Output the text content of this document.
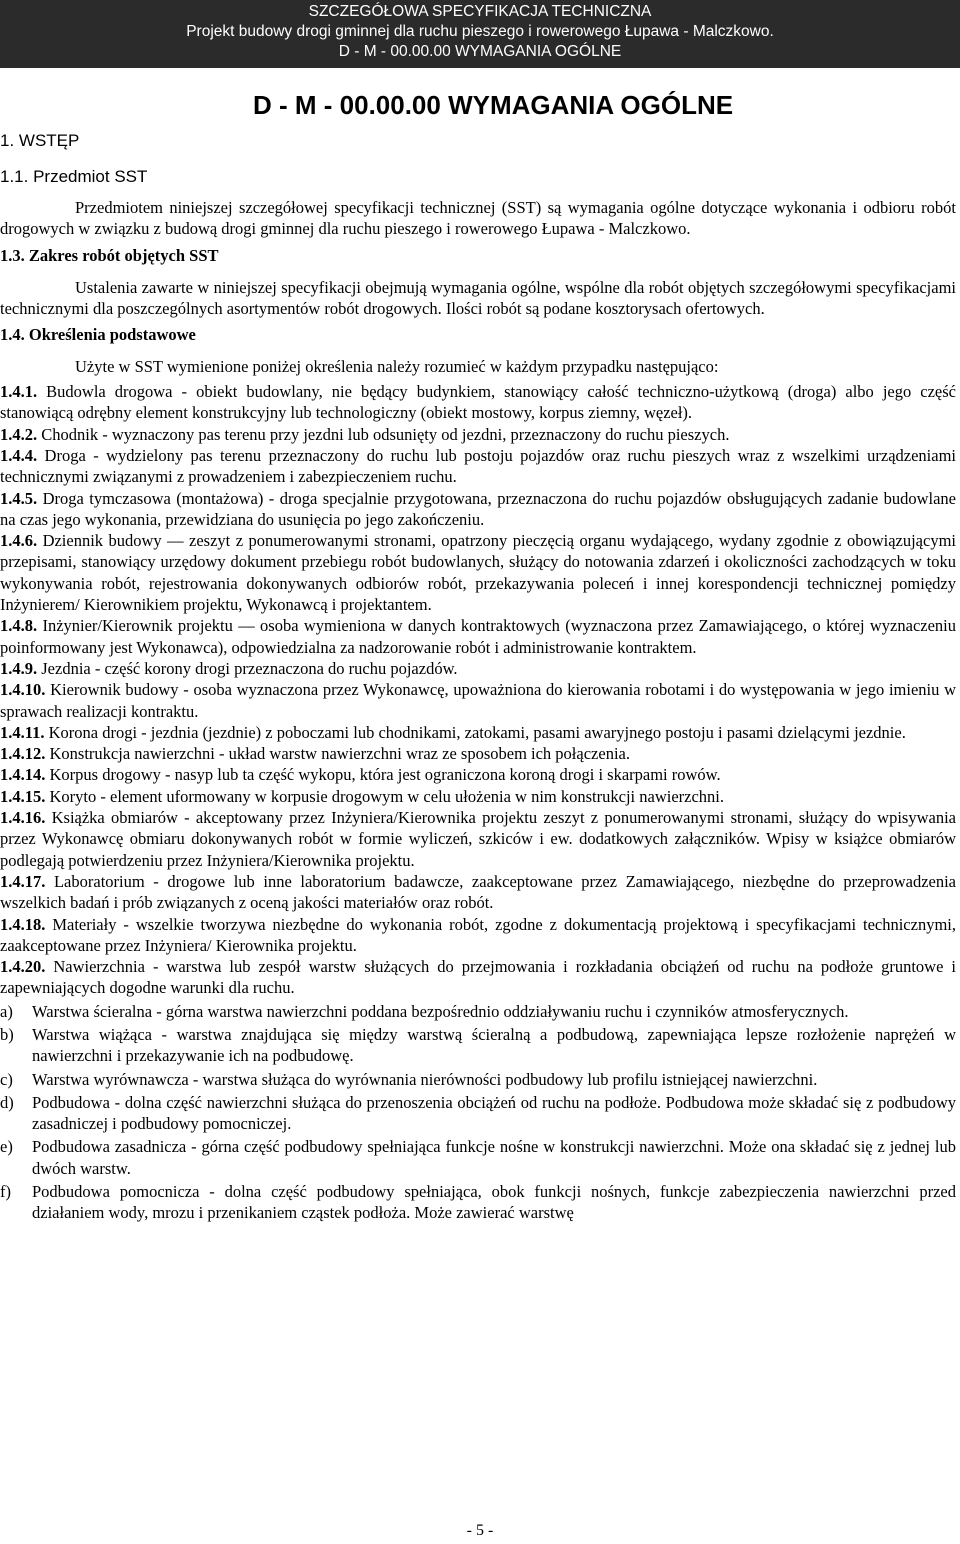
SZCZEGÓŁOWA SPECYFIKACJA TECHNICZNA
Projekt budowy drogi gminnej dla ruchu pieszego i rowerowego Łupawa - Malczkowo.
D - M - 00.00.00 WYMAGANIA OGÓLNE
D - M - 00.00.00 WYMAGANIA OGÓLNE
1. WSTĘP
1.1. Przedmiot SST

Przedmiotem niniejszej szczegółowej specyfikacji technicznej (SST) są wymagania ogólne dotyczące wykonania i odbioru robót drogowych w związku z budową drogi gminnej dla ruchu pieszego i rowerowego Łupawa - Malczkowo.

1.3. Zakres robót objętych SST

Ustalenia zawarte w niniejszej specyfikacji obejmują wymagania ogólne, wspólne dla robót objętych szczegółowymi specyfikacjami technicznymi dla poszczególnych asortymentów robót drogowych. Ilości robót są podane kosztorysach ofertowych.

1.4. Określenia podstawowe

Użyte w SST wymienione poniżej określenia należy rozumieć w każdym przypadku następująco:

1.4.1. Budowla drogowa - obiekt budowlany, nie będący budynkiem, stanowiący całość techniczno-użytkową (droga) albo jego część stanowiącą odrębny element konstrukcyjny lub technologiczny (obiekt mostowy, korpus ziemny, węzeł).

1.4.2. Chodnik - wyznaczony pas terenu przy jezdni lub odsunięty od jezdni, przeznaczony do ruchu pieszych.

1.4.4. Droga - wydzielony pas terenu przeznaczony do ruchu lub postoju pojazdów oraz ruchu pieszych wraz z wszelkimi urządzeniami technicznymi związanymi z prowadzeniem i zabezpieczeniem ruchu.

1.4.5. Droga tymczasowa (montażowa) - droga specjalnie przygotowana, przeznaczona do ruchu pojazdów obsługujących zadanie budowlane na czas jego wykonania, przewidziana do usunięcia po jego zakończeniu.

1.4.6. Dziennik budowy — zeszyt z ponumerowanymi stronami, opatrzony pieczęcią organu wydającego, wydany zgodnie z obowiązującymi przepisami, stanowiący urzędowy dokument przebiegu robót budowlanych, służący do notowania zdarzeń i okoliczności zachodzących w toku wykonywania robót, rejestrowania dokonywanych odbiorów robót, przekazywania poleceń i innej korespondencji technicznej pomiędzy Inżynierem/ Kierownikiem projektu, Wykonawcą i projektantem.

1.4.8. Inżynier/Kierownik projektu — osoba wymieniona w danych kontraktowych (wyznaczona przez Zamawiającego, o której wyznaczeniu poinformowany jest Wykonawca), odpowiedzialna za nadzorowanie robót i administrowanie kontraktem.

1.4.9. Jezdnia - część korony drogi przeznaczona do ruchu pojazdów.

1.4.10. Kierownik budowy - osoba wyznaczona przez Wykonawcę, upoważniona do kierowania robotami i do występowania w jego imieniu w sprawach realizacji kontraktu.

1.4.11. Korona drogi - jezdnia (jezdnie) z poboczami lub chodnikami, zatokami, pasami awaryjnego postoju i pasami dzielącymi jezdnie.

1.4.12. Konstrukcja nawierzchni - układ warstw nawierzchni wraz ze sposobem ich połączenia.

1.4.14. Korpus drogowy - nasyp lub ta część wykopu, która jest ograniczona koroną drogi i skarpami rowów.

1.4.15. Koryto - element uformowany w korpusie drogowym w celu ułożenia w nim konstrukcji nawierzchni.

1.4.16. Książka obmiarów - akceptowany przez Inżyniera/Kierownika projektu zeszyt z ponumerowanymi stronami, służący do wpisywania przez Wykonawcę obmiaru dokonywanych robót w formie wyliczeń, szkiców i ew. dodatkowych załączników. Wpisy w książce obmiarów podlegają potwierdzeniu przez Inżyniera/Kierownika projektu.

1.4.17. Laboratorium - drogowe lub inne laboratorium badawcze, zaakceptowane przez Zamawiającego, niezbędne do przeprowadzenia wszelkich badań i prób związanych z oceną jakości materiałów oraz robót.

1.4.18. Materiały - wszelkie tworzywa niezbędne do wykonania robót, zgodne z dokumentacją projektową i specyfikacjami technicznymi, zaakceptowane przez Inżyniera/ Kierownika projektu.

1.4.20. Nawierzchnia - warstwa lub zespół warstw służących do przejmowania i rozkładania obciążeń od ruchu na podłoże gruntowe i zapewniających dogodne warunki dla ruchu.

a)	Warstwa ścieralna - górna warstwa nawierzchni poddana bezpośrednio oddziaływaniu ruchu i czynników atmosferycznych.
b)	Warstwa wiążąca - warstwa znajdująca się między warstwą ścieralną a podbudową, zapewniająca lepsze rozłożenie naprężeń w nawierzchni i przekazywanie ich na podbudowę.
c)	Warstwa wyrównawcza - warstwa służąca do wyrównania nierówności podbudowy lub profilu istniejącej nawierzchni.
d)	Podbudowa - dolna część nawierzchni służąca do przenoszenia obciążeń od ruchu na podłoże. Podbudowa może składać się z podbudowy zasadniczej i podbudowy pomocniczej.
e)	Podbudowa zasadnicza - górna część podbudowy spełniająca funkcje nośne w konstrukcji nawierzchni. Może ona składać się z jednej lub dwóch warstw.
f)	Podbudowa pomocnicza - dolna część podbudowy spełniająca, obok funkcji nośnych, funkcje zabezpieczenia nawierzchni przed działaniem wody, mrozu i przenikaniem cząstek podłoża. Może zawierać warstwę
- 5 -
